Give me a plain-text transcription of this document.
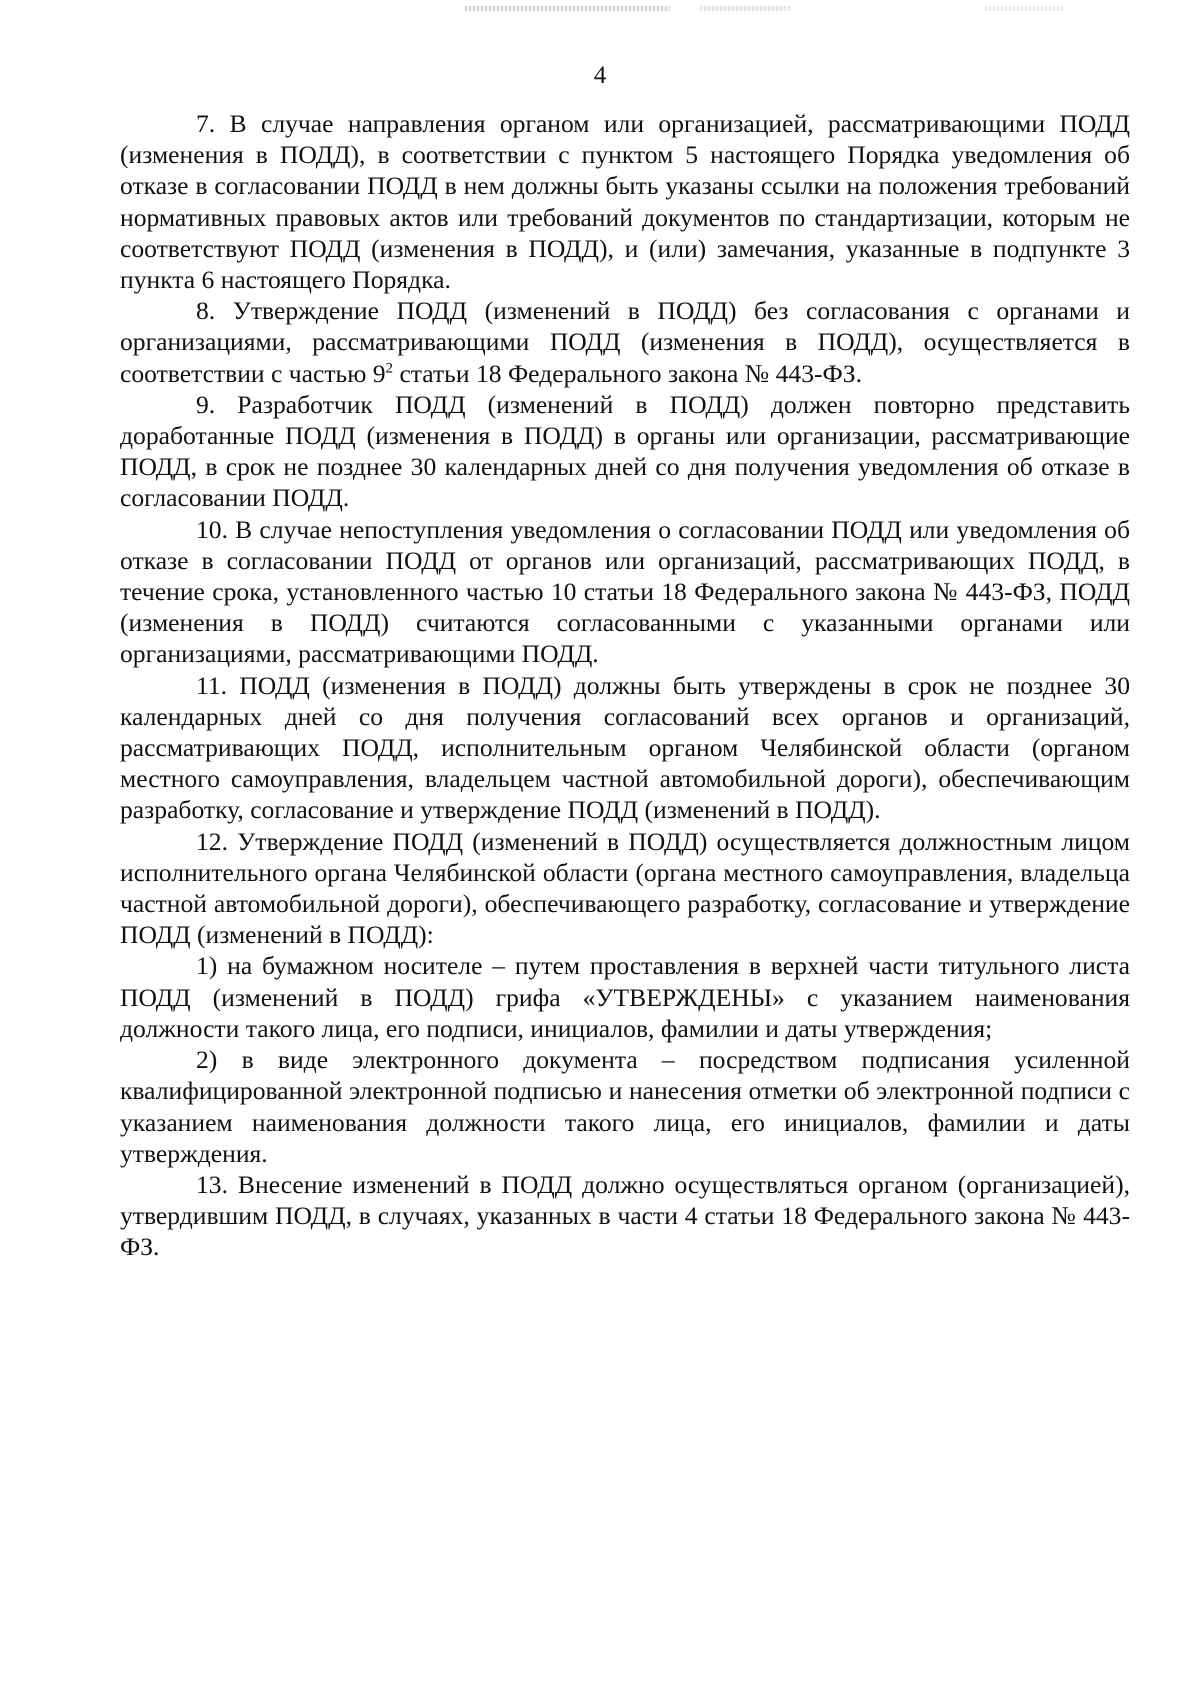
4

7. В случае направления органом или организацией, рассматривающими ПОДД (изменения в ПОДД), в соответствии с пунктом 5 настоящего Порядка уведомления об отказе в согласовании ПОДД в нем должны быть указаны ссылки на положения требований нормативных правовых актов или требований документов по стандартизации, которым не соответствуют ПОДД (изменения в ПОДД), и (или) замечания, указанные в подпункте 3 пункта 6 настоящего Порядка.

8. Утверждение ПОДД (изменений в ПОДД) без согласования с органами и организациями, рассматривающими ПОДД (изменения в ПОДД), осуществляется в соответствии с частью $9^2$ статьи 18 Федерального закона № 443-ФЗ.

9. Разработчик ПОДД (изменений в ПОДД) должен повторно представить доработанные ПОДД (изменения в ПОДД) в органы или организации, рассматривающие ПОДД, в срок не позднее 30 календарных дней со дня получения уведомления об отказе в согласовании ПОДД.

10. В случае непоступления уведомления о согласовании ПОДД или уведомления об отказе в согласовании ПОДД от органов или организаций, рассматривающих ПОДД, в течение срока, установленного частью 10 статьи 18 Федерального закона № 443-ФЗ, ПОДД (изменения в ПОДД) считаются согласованными с указанными органами или организациями, рассматривающими ПОДД.

11. ПОДД (изменения в ПОДД) должны быть утверждены в срок не позднее 30 календарных дней со дня получения согласований всех органов и организаций, рассматривающих ПОДД, исполнительным органом Челябинской области (органом местного самоуправления, владельцем частной автомобильной дороги), обеспечивающим разработку, согласование и утверждение ПОДД (изменений в ПОДД).

12. Утверждение ПОДД (изменений в ПОДД) осуществляется должностным лицом исполнительного органа Челябинской области (органа местного самоуправления, владельца частной автомобильной дороги), обеспечивающего разработку, согласование и утверждение ПОДД (изменений в ПОДД):

1) на бумажном носителе – путем проставления в верхней части титульного листа ПОДД (изменений в ПОДД) грифа «УТВЕРЖДЕНЫ» с указанием наименования должности такого лица, его подписи, инициалов, фамилии и даты утверждения;

2) в виде электронного документа – посредством подписания усиленной квалифицированной электронной подписью и нанесения отметки об электронной подписи с указанием наименования должности такого лица, его инициалов, фамилии и даты утверждения.

13. Внесение изменений в ПОДД должно осуществляться органом (организацией), утвердившим ПОДД, в случаях, указанных в части 4 статьи 18 Федерального закона № 443-ФЗ.
